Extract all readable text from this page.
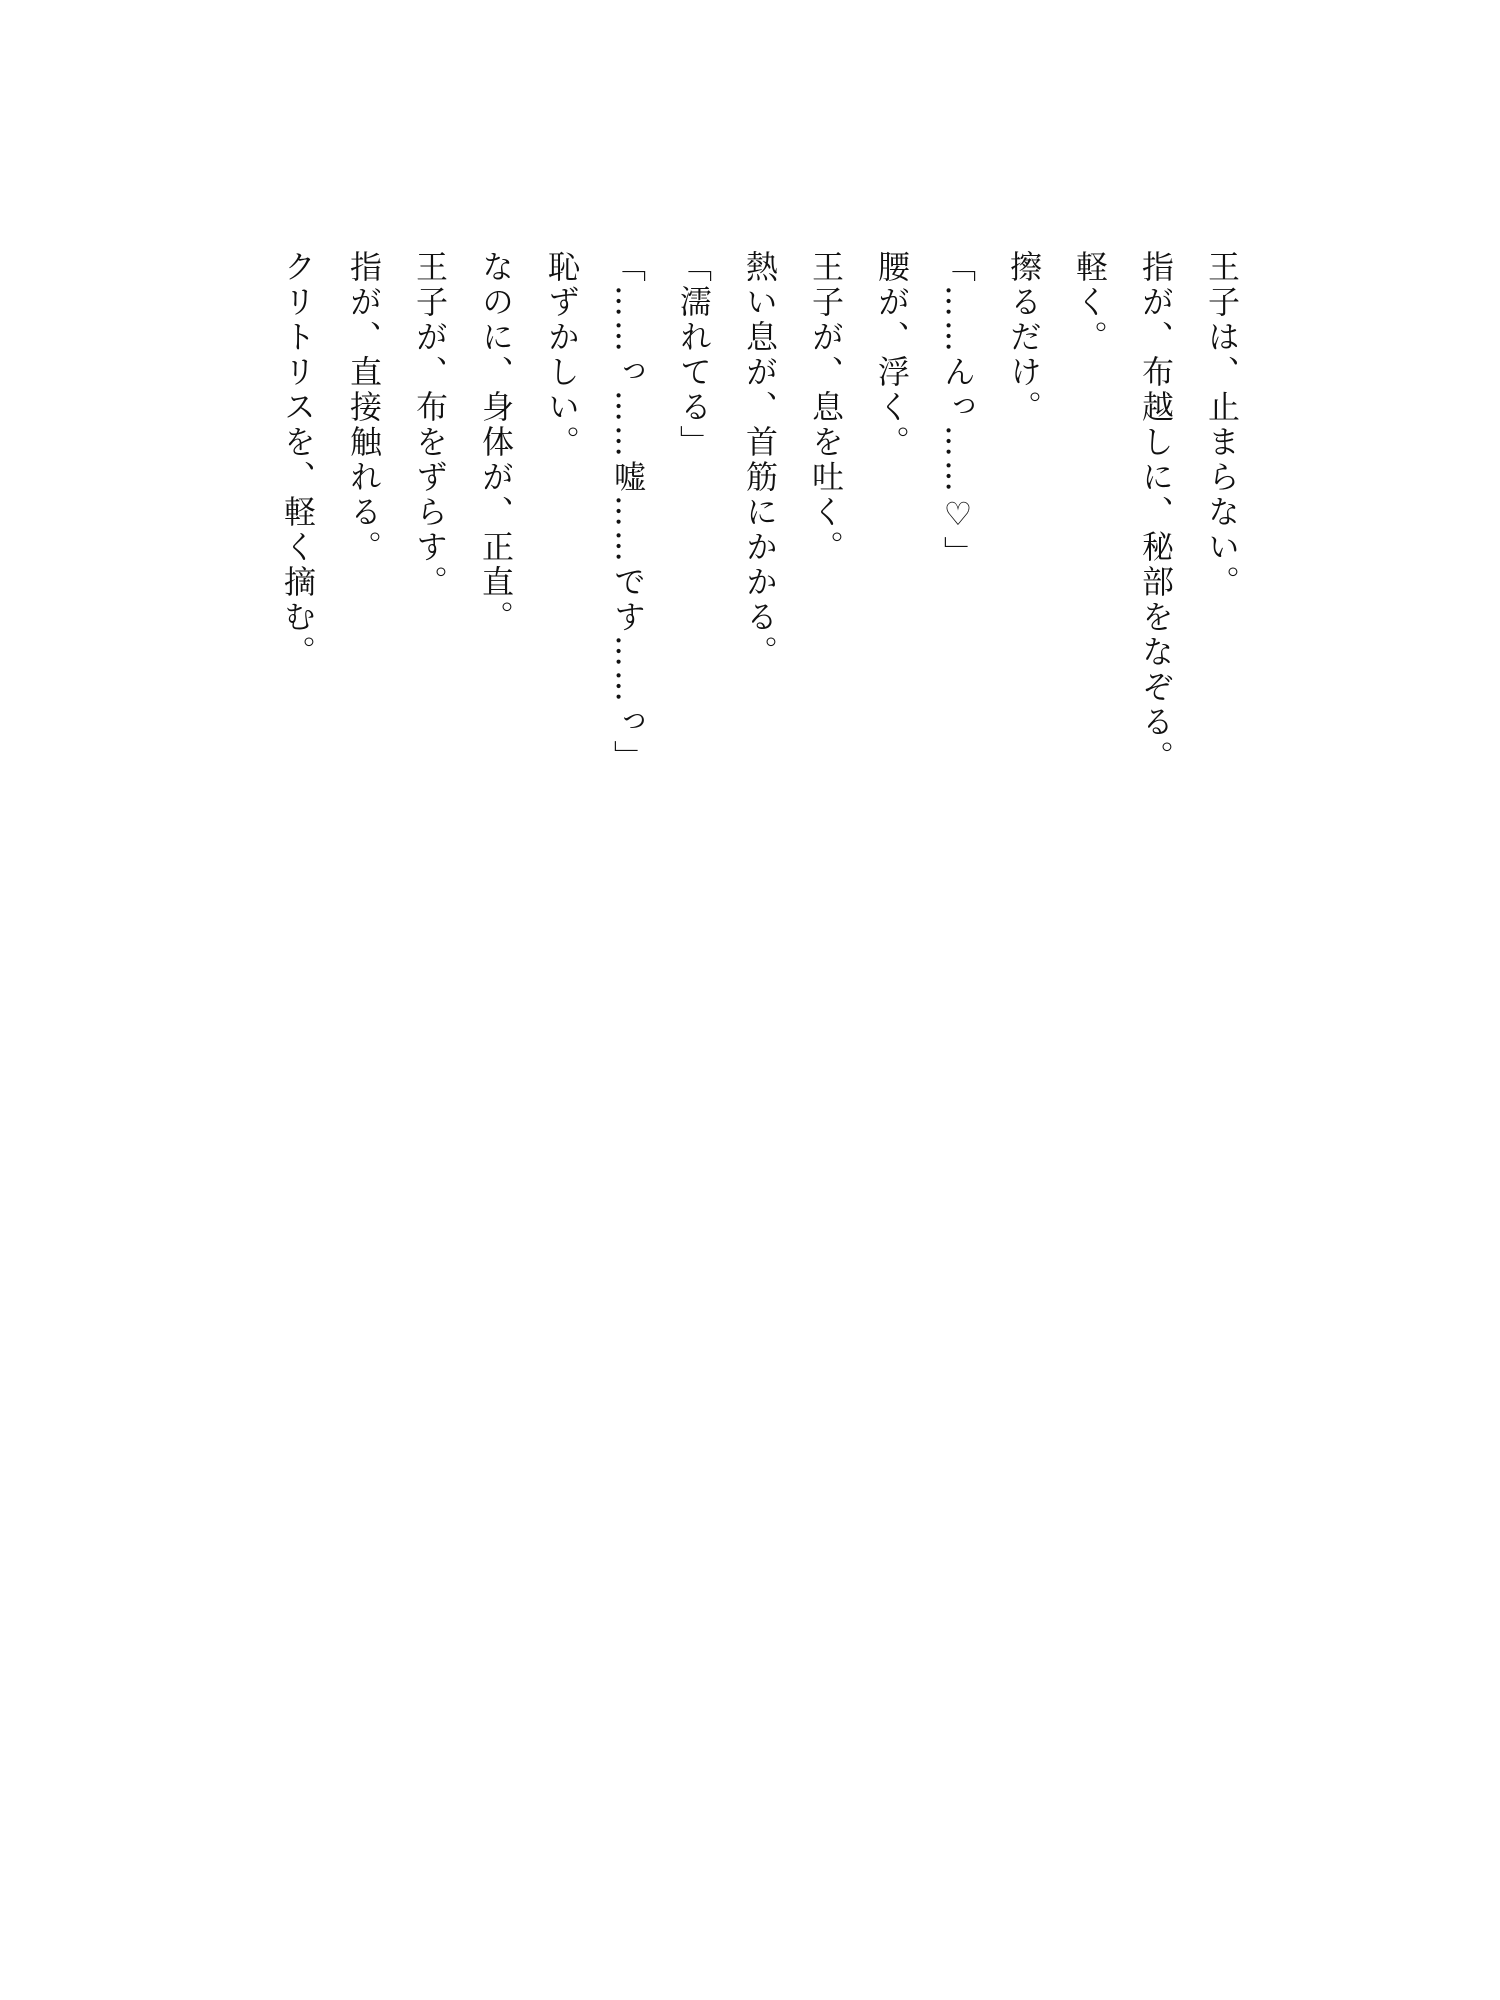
王子は、止まらない。

指が、布越しに、秘部をなぞる。

軽く。

擦るだけ。

「……んっ……♡」

腰が、浮く。

王子が、息を吐く。

熱い息が、首筋にかかる。

「濡れてる」

「……っ……嘘……です……っ」

恥ずかしい。

なのに、身体が、正直。

王子が、布をずらす。

指が、直接触れる。

クリトリスを、軽く摘む。
